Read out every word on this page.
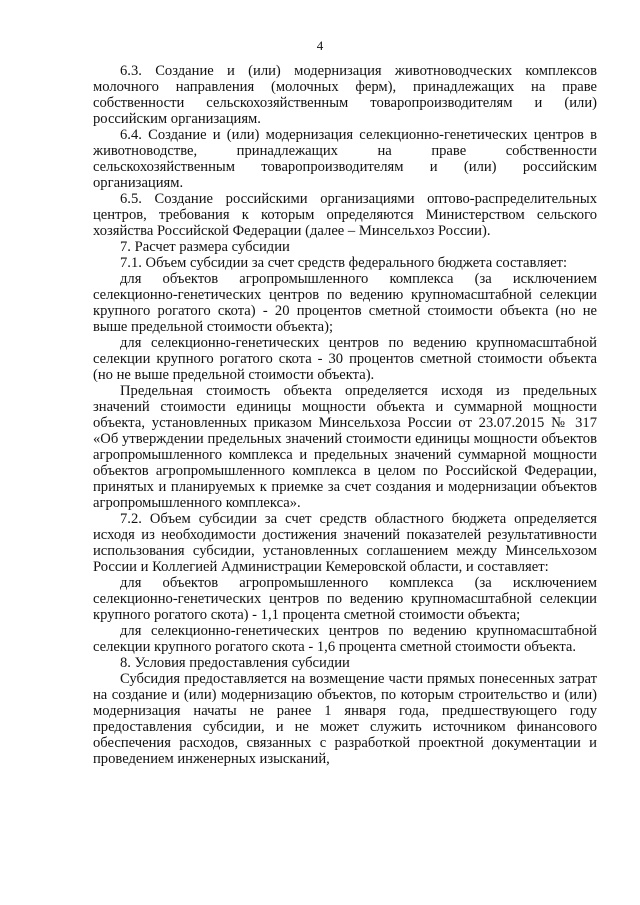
4

6.3. Создание и (или) модернизация животноводческих комплексов молочного направления (молочных ферм), принадлежащих на праве собственности сельскохозяйственным товаропроизводителям и (или) российским организациям.

6.4. Создание и (или) модернизация селекционно-генетических центров в животноводстве, принадлежащих на праве собственности сельскохозяйственным товаропроизводителям и (или) российским организациям.

6.5. Создание российскими организациями оптово-распределительных центров, требования к которым определяются Министерством сельского хозяйства Российской Федерации (далее – Минсельхоз России).

7. Расчет размера субсидии

7.1. Объем субсидии за счет средств федерального бюджета составляет:

для объектов агропромышленного комплекса (за исключением селекционно-генетических центров по ведению крупномасштабной селекции крупного рогатого скота) - 20 процентов сметной стоимости объекта (но не выше предельной стоимости объекта);

для селекционно-генетических центров по ведению крупномасштабной селекции крупного рогатого скота - 30 процентов сметной стоимости объекта (но не выше предельной стоимости объекта).

Предельная стоимость объекта определяется исходя из предельных значений стоимости единицы мощности объекта и суммарной мощности объекта, установленных приказом Минсельхоза России от 23.07.2015 № 317 «Об утверждении предельных значений стоимости единицы мощности объектов агропромышленного комплекса и предельных значений суммарной мощности объектов агропромышленного комплекса в целом по Российской Федерации, принятых и планируемых к приемке за счет создания и модернизации объектов агропромышленного комплекса».

7.2. Объем субсидии за счет средств областного бюджета определяется исходя из необходимости достижения значений показателей результативности использования субсидии, установленных соглашением между Минсельхозом России и Коллегией Администрации Кемеровской области, и составляет:

для объектов агропромышленного комплекса (за исключением селекционно-генетических центров по ведению крупномасштабной селекции крупного рогатого скота) - 1,1 процента сметной стоимости объекта;

для селекционно-генетических центров по ведению крупномасштабной селекции крупного рогатого скота - 1,6 процента сметной стоимости объекта.

8. Условия предоставления субсидии

Субсидия предоставляется на возмещение части прямых понесенных затрат на создание и (или) модернизацию объектов, по которым строительство и (или) модернизация начаты не ранее 1 января года, предшествующего году предоставления субсидии, и не может служить источником финансового обеспечения расходов, связанных с разработкой проектной документации и проведением инженерных изысканий,
